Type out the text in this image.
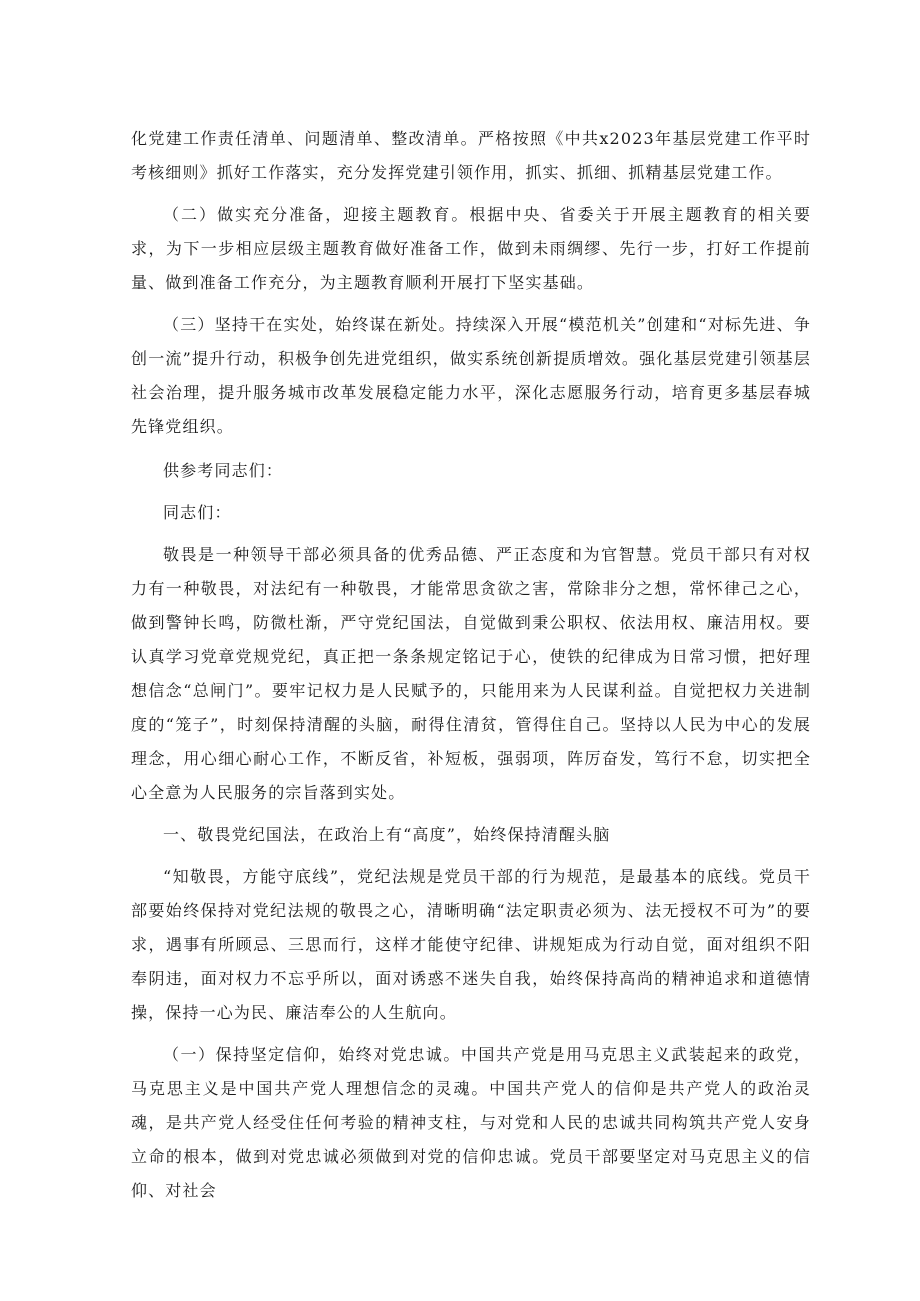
化党建工作责任清单、问题清单、整改清单。严格按照《中共x2023年基层党建工作平时考核细则》抓好工作落实，充分发挥党建引领作用，抓实、抓细、抓精基层党建工作。

（二）做实充分准备，迎接主题教育。根据中央、省委关于开展主题教育的相关要求，为下一步相应层级主题教育做好准备工作，做到未雨绸缪、先行一步，打好工作提前量、做到准备工作充分，为主题教育顺利开展打下坚实基础。

（三）坚持干在实处，始终谋在新处。持续深入开展“模范机关”创建和“对标先进、争创一流”提升行动，积极争创先进党组织，做实系统创新提质增效。强化基层党建引领基层社会治理，提升服务城市改革发展稳定能力水平，深化志愿服务行动，培育更多基层春城先锋党组织。

供参考同志们：

同志们：

敬畏是一种领导干部必须具备的优秀品德、严正态度和为官智慧。党员干部只有对权力有一种敬畏，对法纪有一种敬畏，才能常思贪欲之害，常除非分之想，常怀律己之心，做到警钟长鸣，防微杜渐，严守党纪国法，自觉做到秉公职权、依法用权、廉洁用权。要认真学习党章党规党纪，真正把一条条规定铭记于心，使铁的纪律成为日常习惯，把好理想信念“总闸门”。要牢记权力是人民赋予的，只能用来为人民谋利益。自觉把权力关进制度的“笼子”，时刻保持清醒的头脑，耐得住清贫，管得住自己。坚持以人民为中心的发展理念，用心细心耐心工作，不断反省，补短板，强弱项，阵厉奋发，笃行不怠，切实把全心全意为人民服务的宗旨落到实处。

一、敬畏党纪国法，在政治上有“高度”，始终保持清醒头脑

“知敬畏，方能守底线”，党纪法规是党员干部的行为规范，是最基本的底线。党员干部要始终保持对党纪法规的敬畏之心，清晰明确“法定职责必须为、法无授权不可为”的要求，遇事有所顾忌、三思而行，这样才能使守纪律、讲规矩成为行动自觉，面对组织不阳奉阴违，面对权力不忘乎所以，面对诱惑不迷失自我，始终保持高尚的精神追求和道德情操，保持一心为民、廉洁奉公的人生航向。

（一）保持坚定信仰，始终对党忠诚。中国共产党是用马克思主义武装起来的政党，马克思主义是中国共产党人理想信念的灵魂。中国共产党人的信仰是共产党人的政治灵魂，是共产党人经受住任何考验的精神支柱，与对党和人民的忠诚共同构筑共产党人安身立命的根本，做到对党忠诚必须做到对党的信仰忠诚。党员干部要坚定对马克思主义的信仰、对社会
